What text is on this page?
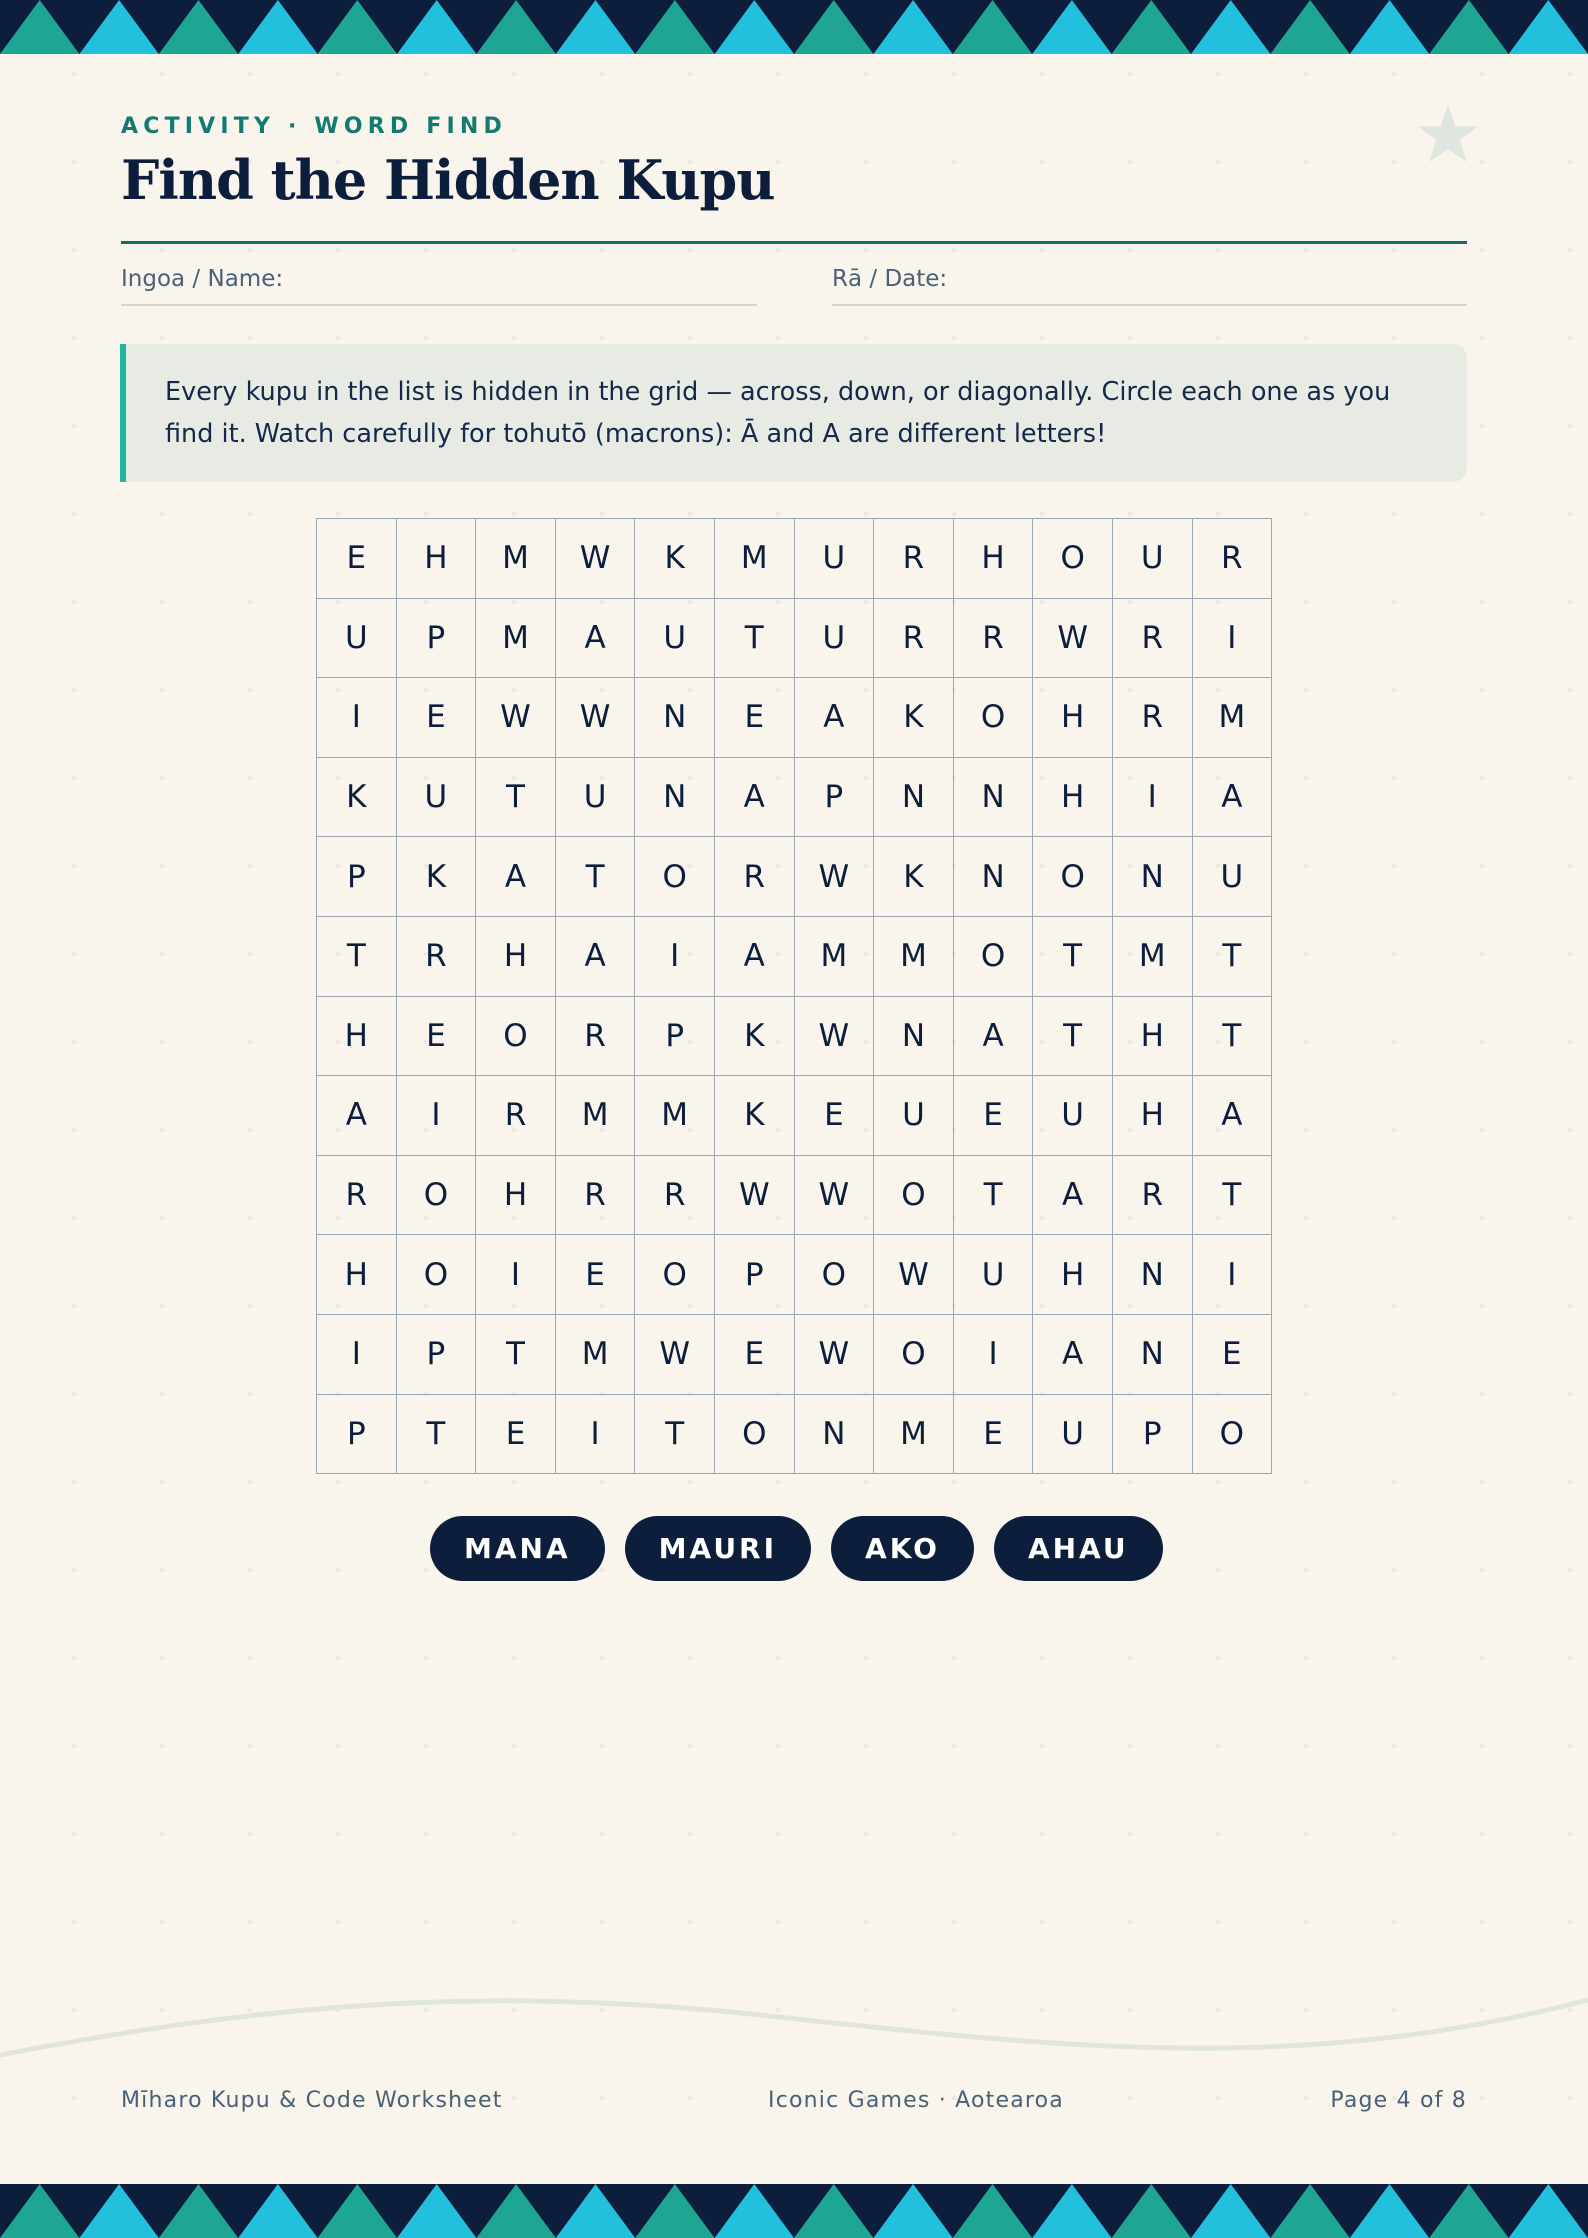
ACTIVITY · WORD FIND
Find the Hidden Kupu
Ingoa / Name:	Rā / Date:

Every kupu in the list is hidden in the grid — across, down, or diagonally. Circle each one as you find it. Watch carefully for tohutō (macrons): Ā and A are different letters!

E	H	M	W	K	M	U	R	H	O	U	R
U	P	M	A	U	T	U	R	R	W	R	I
I	E	W	W	N	E	A	K	O	H	R	M
K	U	T	U	N	A	P	N	N	H	I	A
P	K	A	T	O	R	W	K	N	O	N	U
T	R	H	A	I	A	M	M	O	T	M	T
H	E	O	R	P	K	W	N	A	T	H	T
A	I	R	M	M	K	E	U	E	U	H	A
R	O	H	R	R	W	W	O	T	A	R	T
H	O	I	E	O	P	O	W	U	H	N	I
I	P	T	M	W	E	W	O	I	A	N	E
P	T	E	I	T	O	N	M	E	U	P	O
MANA	MAURI	AKO	AHAU
Mīharo Kupu & Code Worksheet	Iconic Games · Aotearoa	Page 4 of 8
